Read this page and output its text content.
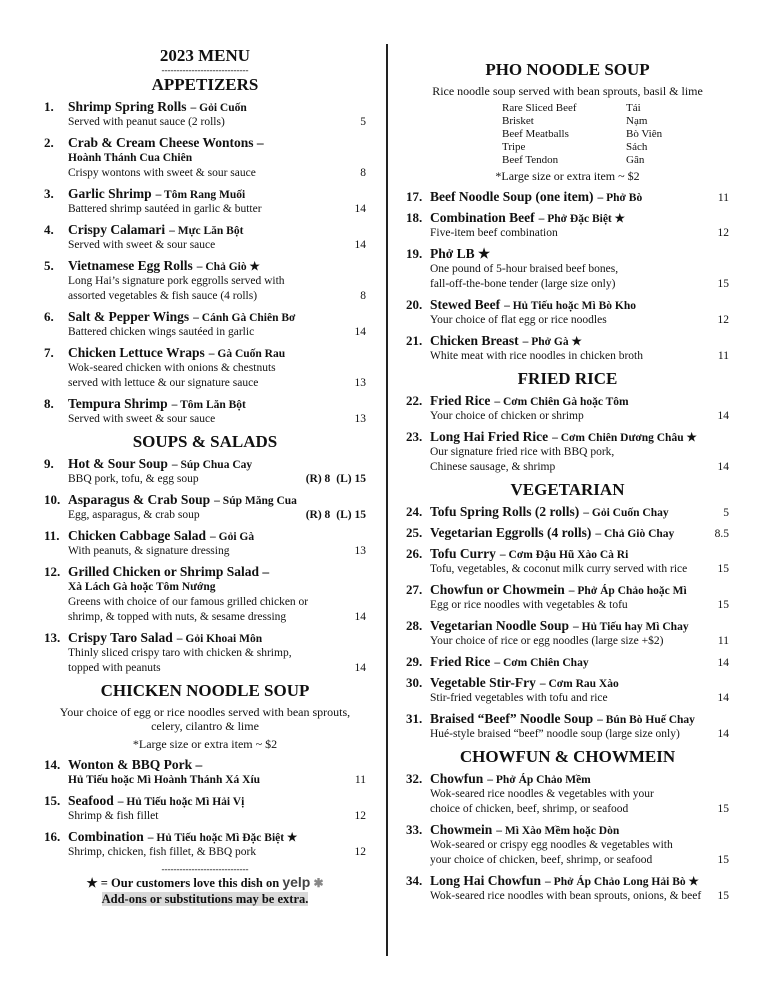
2023 MENU
-----------------------------
APPETIZERS
1.	Shrimp Spring Rolls – Gỏi Cuốn
Served with peanut sauce (2 rolls)	5
2.	Crab & Cream Cheese Wontons –
Hoành Thánh Cua Chiên
Crispy wontons with sweet & sour sauce	8
3.	Garlic Shrimp – Tôm Rang Muối
Battered shrimp sautéed in garlic & butter	14
4.	Crispy Calamari – Mực Lăn Bột
Served with sweet & sour sauce	14
5.	Vietnamese Egg Rolls – Chả Giò ★
Long Hai’s signature pork eggrolls served with
assorted vegetables & fish sauce (4 rolls)	8
6.	Salt & Pepper Wings – Cánh Gà Chiên Bơ
Battered chicken wings sautéed in garlic	14
7.	Chicken Lettuce Wraps – Gà Cuốn Rau
Wok-seared chicken with onions & chestnuts
served with lettuce & our signature sauce	13
8.	Tempura Shrimp – Tôm Lăn Bột
Served with sweet & sour sauce	13
SOUPS & SALADS
9.	Hot & Sour Soup – Súp Chua Cay
BBQ pork, tofu, & egg soup	(R) 8 (L) 15
10. Asparagus & Crab Soup – Súp Măng Cua
Egg, asparagus, & crab soup	(R) 8 (L) 15
11. Chicken Cabbage Salad – Gỏi Gà
With peanuts, & signature dressing	13
12. Grilled Chicken or Shrimp Salad –
Xà Lách Gà hoặc Tôm Nướng
Greens with choice of our famous grilled chicken or
shrimp, & topped with nuts, & sesame dressing	14
13. Crispy Taro Salad – Gỏi Khoai Môn
Thinly sliced crispy taro with chicken & shrimp,
topped with peanuts	14
CHICKEN NOODLE SOUP
Your choice of egg or rice noodles served with bean sprouts,
celery, cilantro & lime
*Large size or extra item ~ $2
14. Wonton & BBQ Pork –
Hủ Tiếu hoặc Mì Hoành Thánh Xá Xíu	11
15. Seafood – Hủ Tiếu hoặc Mì Hải Vị
Shrimp & fish fillet	12
16. Combination – Hủ Tiếu hoặc Mì Đặc Biệt ★
Shrimp, chicken, fish fillet, & BBQ pork	12
-----------------------------
★ = Our customers love this dish on yelp ✱
Add-ons or substitutions may be extra.
PHO NOODLE SOUP
Rice noodle soup served with bean sprouts, basil & lime
Rare Sliced Beef	Tái
Brisket	Nạm
Beef Meatballs	Bò Viên
Tripe	Sách
Beef Tendon	Gân
*Large size or extra item ~ $2
17. Beef Noodle Soup (one item) – Phở Bò	11
18. Combination Beef – Phở Đặc Biệt ★
Five-item beef combination	12
19. Phở LB ★
One pound of 5-hour braised beef bones,
fall-off-the-bone tender (large size only)	15
20. Stewed Beef – Hủ Tiếu hoặc Mì Bò Kho
Your choice of flat egg or rice noodles	12
21. Chicken Breast – Phở Gà ★
White meat with rice noodles in chicken broth	11
FRIED RICE
22. Fried Rice – Cơm Chiên Gà hoặc Tôm
Your choice of chicken or shrimp	14
23. Long Hai Fried Rice – Cơm Chiên Dương Châu ★
Our signature fried rice with BBQ pork,
Chinese sausage, & shrimp	14
VEGETARIAN
24. Tofu Spring Rolls (2 rolls) – Gỏi Cuốn Chay	5
25. Vegetarian Eggrolls (4 rolls) – Chả Giò Chay	8.5
26. Tofu Curry – Cơm Đậu Hũ Xào Cà Ri
Tofu, vegetables, & coconut milk curry served with rice	15
27. Chowfun or Chowmein – Phở Áp Chảo hoặc Mì
Egg or rice noodles with vegetables & tofu	15
28. Vegetarian Noodle Soup – Hủ Tiếu hay Mì Chay
Your choice of rice or egg noodles (large size +$2)	11
29. Fried Rice – Cơm Chiên Chay	14
30. Vegetable Stir-Fry – Cơm Rau Xào
Stir-fried vegetables with tofu and rice	14
31. Braised “Beef” Noodle Soup – Bún Bò Huế Chay
Hué-style braised “beef” noodle soup (large size only)	14
CHOWFUN & CHOWMEIN
32. Chowfun – Phở Áp Chảo Mềm
Wok-seared rice noodles & vegetables with your
choice of chicken, beef, shrimp, or seafood	15
33. Chowmein – Mì Xào Mềm hoặc Dòn
Wok-seared or crispy egg noodles & vegetables with
your choice of chicken, beef, shrimp, or seafood	15
34. Long Hai Chowfun – Phở Áp Chảo Long Hải Bò ★
Wok-seared rice noodles with bean sprouts, onions, & beef	15
